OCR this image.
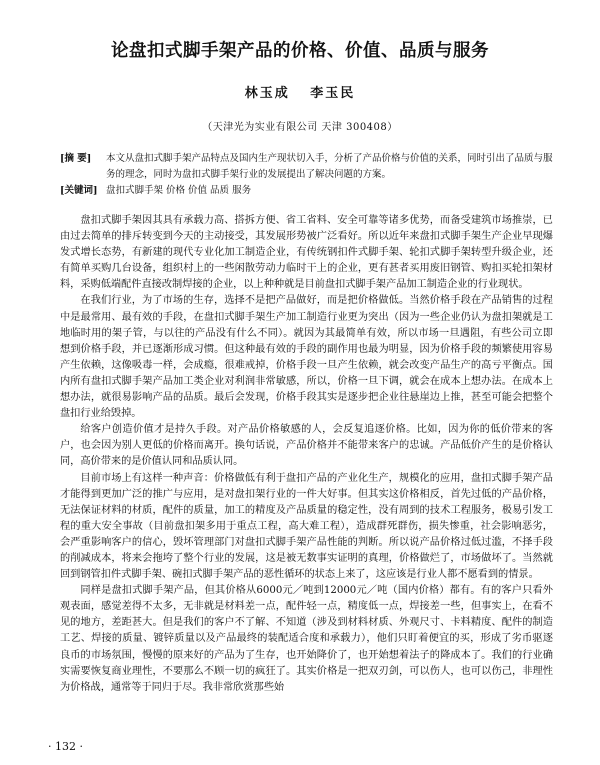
论盘扣式脚手架产品的价格、价值、品质与服务
林玉成 李玉民
（天津光为实业有限公司 天津 300408）
[摘 要] 本文从盘扣式脚手架产品特点及国内生产现状切入手，分析了产品价格与价值的关系，同时引出了品质与服务的理念，同时为盘扣式脚手架行业的发展提出了解决问题的方案。
[关键词] 盘扣式脚手架 价格 价值 品质 服务

盘扣式脚手架因其具有承载力高、搭拆方便、省工省料、安全可靠等诸多优势，而备受建筑市场推崇，已由过去简单的排斥转变到今天的主动接受，其发展形势被广泛看好。所以近年来盘扣式脚手架生产企业早现爆发式增长态势，有新建的现代专业化加工制造企业，有传统钢扣件式脚手架、轮扣式脚手架转型升级企业，还有简单买购几台设备，组织村上的一些闲散劳动力临时干上的企业，更有甚者买用废旧钢管、购扣买轮扣架材料，采购低端配件直接改制焊接的企业，以上种种就是目前盘扣式脚手架产品加工制造企业的行业现状。

在我们行业，为了市场的生存，选择不是把产品做好，而是把价格做低。当然价格手段在产品销售的过程中是最常用、最有效的手段，在盘扣式脚手架生产加工制造行业更为突出（因为一些企业仍认为盘扣架就是工地临时用的架子管，与以往的产品没有什么不同）。就因为其最简单有效，所以市场一旦遇阻，有些公司立即想到价格手段，并已逐渐形成习惯。但这种最有效的手段的副作用也最为明显，因为价格手段的频繁使用容易产生依赖，这像吸毒一样，会成瘾，很难戒掉，价格手段一旦产生依赖，就会改变产品生产的高亏平衡点。国内所有盘扣式脚手架产品加工类企业对利润非常敏感，所以，价格一旦下调，就会在成本上想办法。在成本上想办法，就很易影响产品的品质。最后会发现，价格手段其实是逐步把企业往悬崖边上推，甚至可能会把整个盘扣行业给毁掉。

给客户创造价值才是持久手段。对产品价格敏感的人，会反复追逐价格。比如，因为你的低价带来的客户，也会因为别人更低的价格而离开。换句话说，产品价格并不能带来客户的忠诚。产品低价产生的是价格认同，高价带来的是价值认同和品质认同。

目前市场上有这样一种声音：价格做低有利于盘扣产品的产业化生产，规模化的应用，盘扣式脚手架产品才能得到更加广泛的推广与应用，是对盘扣架行业的一件大好事。但其实这价格相反，首先过低的产品价格，无法保证材料的材质，配件的质量，加工的精度及产品质量的稳定性，没有周到的技术工程服务，极易引发工程的重大安全事故（目前盘扣架多用于重点工程，高大难工程），造成群死群伤，损失惨重，社会影响恶劣，会严重影响客户的信心，毁坏管理部门对盘扣式脚手架产品性能的判断。所以说产品价格过低过滥，不择手段的削减成本，将来会拖垮了整个行业的发展，这是被无数事实证明的真理，价格做烂了，市场做坏了。当然就回到钢管扣件式脚手架、碗扣式脚手架产品的恶性循环的状态上来了，这应该是行业人都不愿看到的情景。

同样是盘扣式脚手架产品，但其价格从6000元／吨到12000元／吨（国内价格）都有。有的客户只看外观表面，感觉差得不太多，无非就是材料差一点，配件轻一点，精度低一点，焊接差一些，但事实上，在看不见的地方，差距甚大。但是我们的客户不了解、不知道（涉及到材料材质、外观尺寸、卡料精度、配件的制造工艺、焊接的质量、镀锌质量以及产品最终的装配适合度和承载力），他们只盯着便宜的买，形成了劣币驱逐良币的市场氛围，慢慢的原来好的产品为了生存，也开始降价了，也开始想着法子的降成本了。我们的行业确实需要恢复商业理性，不要那么不顾一切的疯狂了。其实价格是一把双刃剑，可以伤人，也可以伤己，非理性为价格战，通常等于同归于尽。我非常欣赏那些始

· 132 ·
